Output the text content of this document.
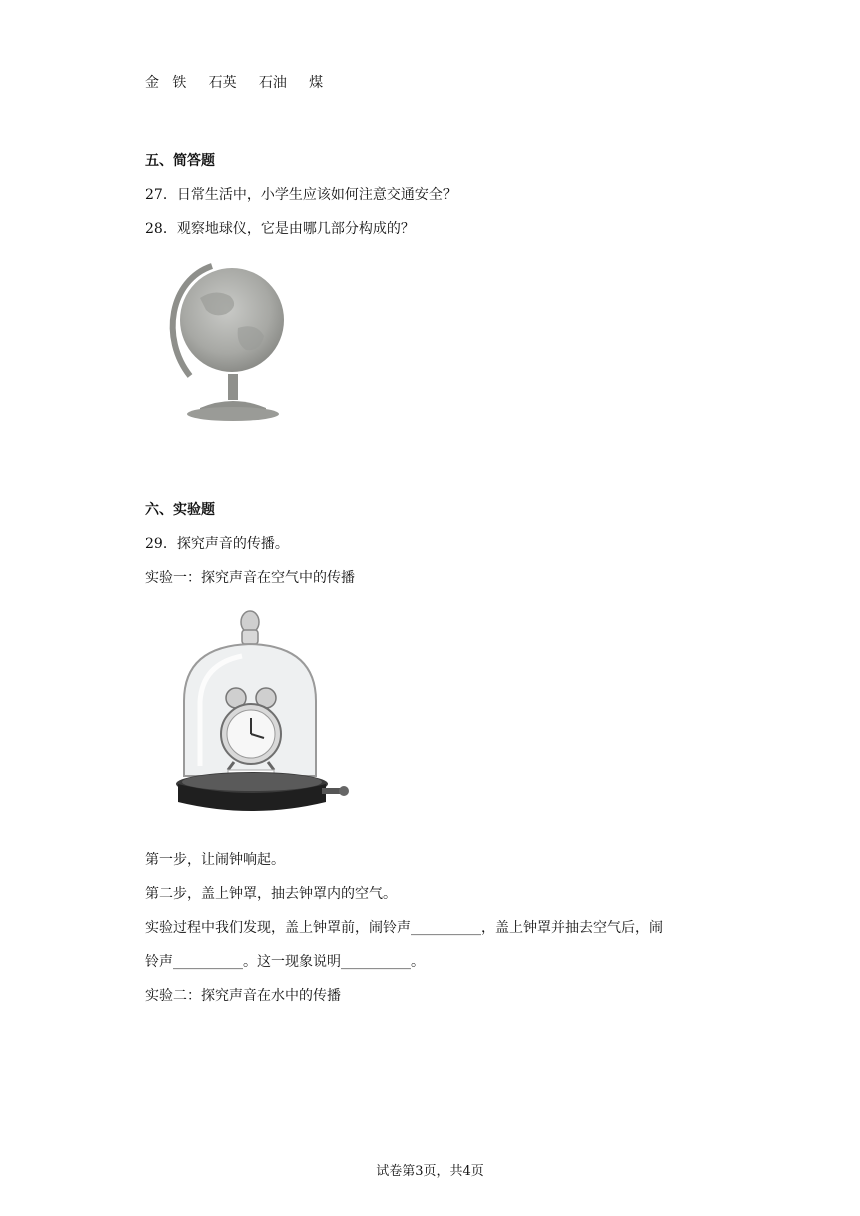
金   铁     石英     石油     煤
五、简答题
27．日常生活中，小学生应该如何注意交通安全？
28．观察地球仪，它是由哪几部分构成的？
六、实验题
29．探究声音的传播。
实验一：探究声音在空气中的传播
第一步，让闹钟响起。
第二步，盖上钟罩，抽去钟罩内的空气。
实验过程中我们发现，盖上钟罩前，闹铃声__________，盖上钟罩并抽去空气后，闹
铃声__________。这一现象说明__________。
实验二：探究声音在水中的传播
试卷第3页，共4页
